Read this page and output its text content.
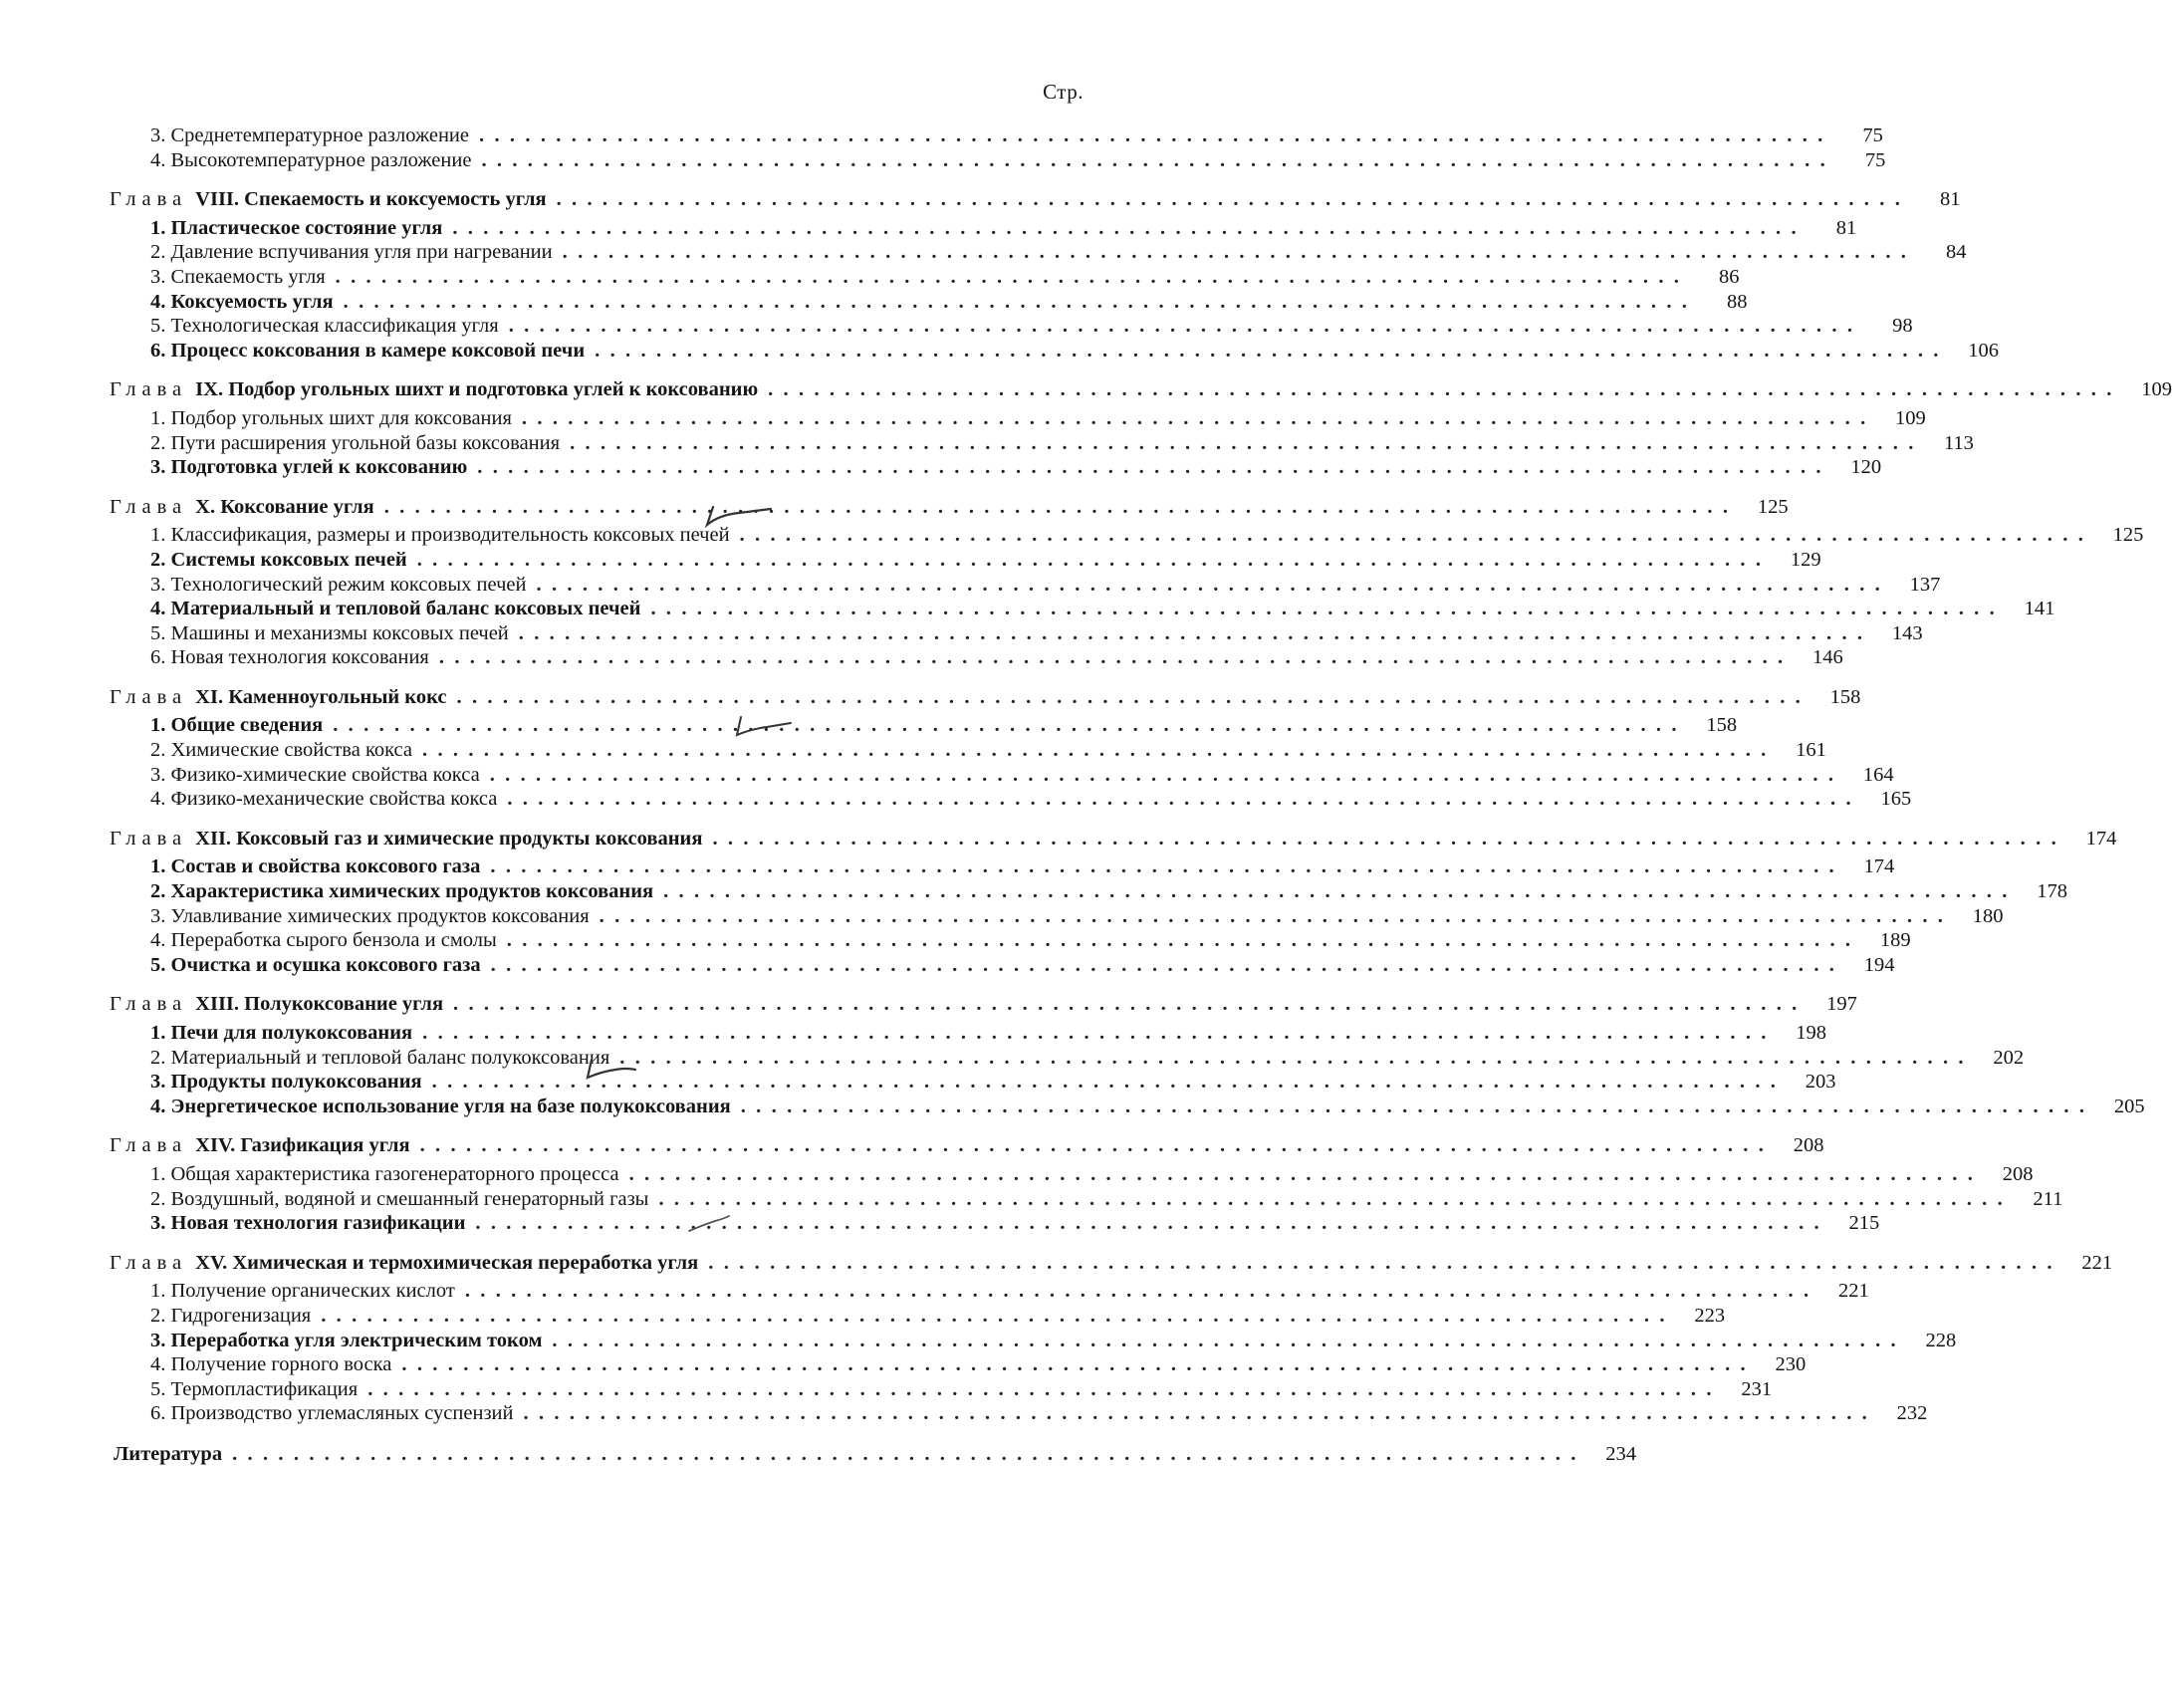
Стр.
3. Среднетемпературное разложение . . .	75
4. Высокотемпературное разложение . . .	75
Глава VIII. Спекаемость и коксуемость угля . . .	81
1. Пластическое состояние угля . . .	81
2. Давление вспучивания угля при нагревании . . .	84
3. Спекаемость угля . . .	86
4. Коксуемость угля . . .	88
5. Технологическая классификация угля . . .	98
6. Процесс коксования в камере коксовой печи . . .	106
Глава IX. Подбор угольных шихт и подготовка углей к коксованию . . .	109
1. Подбор угольных шихт для коксования . . .	109
2. Пути расширения угольной базы коксования . . .	113
3. Подготовка углей к коксованию . . .	120
Глава X. Коксование угля . . .	125
1. Классификация, размеры и производительность коксовых печей . . .	125
2. Системы коксовых печей . . .	129
3. Технологический режим коксовых печей . . .	137
4. Материальный и тепловой баланс коксовых печей . . .	141
5. Машины и механизмы коксовых печей . . .	143
6. Новая технология коксования . . .	146
Глава XI. Каменноугольный кокс . . .	158
1. Общие сведения . . .	158
2. Химические свойства кокса . . .	161
3. Физико-химические свойства кокса . . .	164
4. Физико-механические свойства кокса . . .	165
Глава XII. Коксовый газ и химические продукты коксования . . .	174
1. Состав и свойства коксового газа . . .	174
2. Характеристика химических продуктов коксования . . .	178
3. Улавливание химических продуктов коксования . . .	180
4. Переработка сырого бензола и смолы . . .	189
5. Очистка и осушка коксового газа . . .	194
Глава XIII. Полукоксование угля . . .	197
1. Печи для полукоксования . . .	198
2. Материальный и тепловой баланс полукоксования . . .	202
3. Продукты полукоксования . . .	203
4. Энергетическое использование угля на базе полукоксования . . .	205
Глава XIV. Газификация угля . . .	208
1. Общая характеристика газогенераторного процесса . . .	208
2. Воздушный, водяной и смешанный генераторный газы . . .	211
3. Новая технология газификации . . .	215
Глава XV. Химическая и термохимическая переработка угля . . .	221
1. Получение органических кислот . . .	221
2. Гидрогенизация . . .	223
3. Переработка угля электрическим током . . .	228
4. Получение горного воска . . .	230
5. Термопластификация . . .	231
6. Производство углемасляных суспензий . . .	232
Литература . . .	234
